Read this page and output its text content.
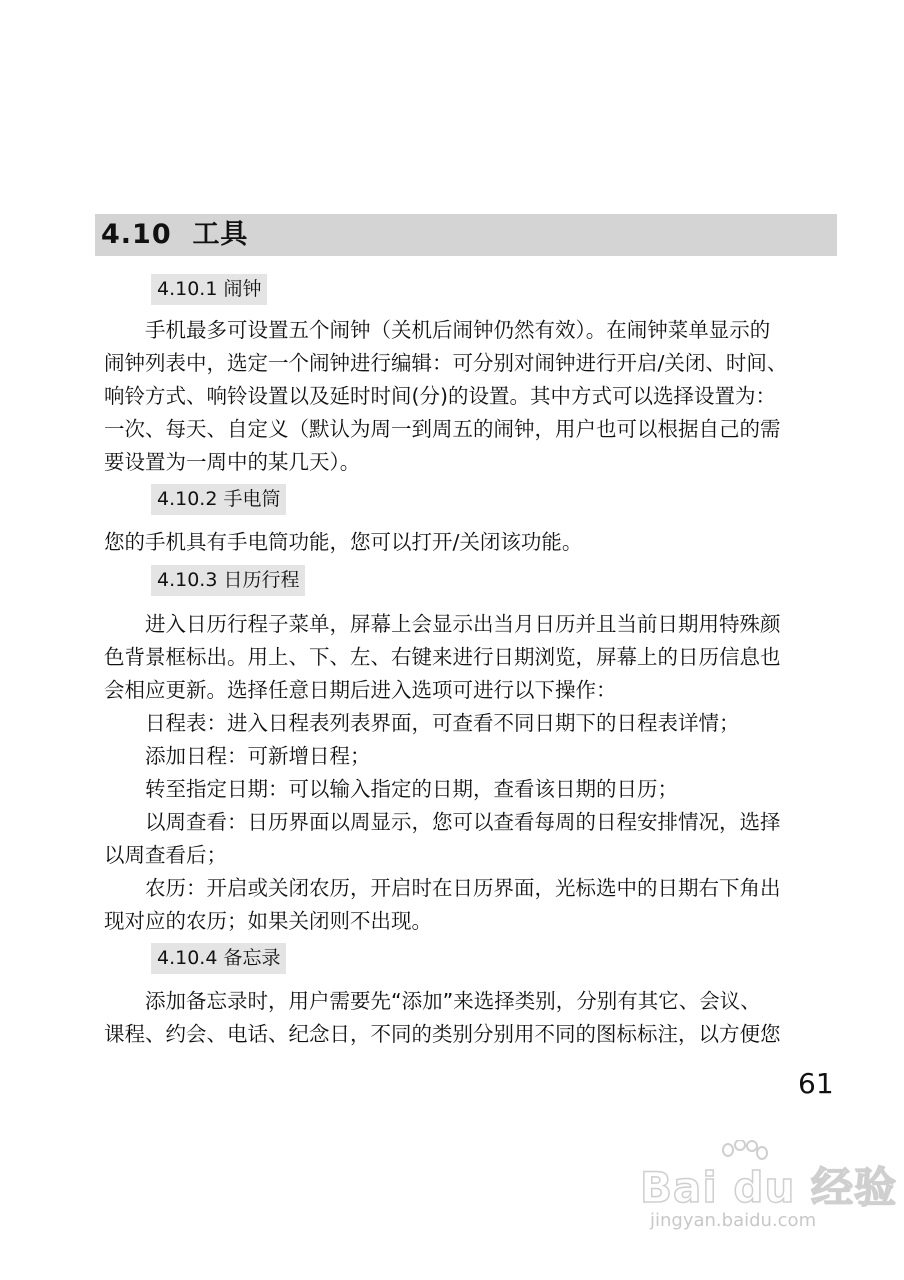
4.10 工具
4.10.1 闹钟
手机最多可设置五个闹钟（关机后闹钟仍然有效）。在闹钟菜单显示的
闹钟列表中，选定一个闹钟进行编辑：可分别对闹钟进行开启/关闭、时间、
响铃方式、响铃设置以及延时时间(分)的设置。其中方式可以选择设置为：
一次、每天、自定义（默认为周一到周五的闹钟，用户也可以根据自己的需
要设置为一周中的某几天）。
4.10.2 手电筒
您的手机具有手电筒功能，您可以打开/关闭该功能。
4.10.3 日历行程
进入日历行程子菜单，屏幕上会显示出当月日历并且当前日期用特殊颜
色背景框标出。用上、下、左、右键来进行日期浏览，屏幕上的日历信息也
会相应更新。选择任意日期后进入选项可进行以下操作：
日程表：进入日程表列表界面，可查看不同日期下的日程表详情；
添加日程：可新增日程；
转至指定日期：可以输入指定的日期，查看该日期的日历；
以周查看：日历界面以周显示，您可以查看每周的日程安排情况，选择
以周查看后；
农历：开启或关闭农历，开启时在日历界面，光标选中的日期右下角出
现对应的农历；如果关闭则不出现。
4.10.4 备忘录
添加备忘录时，用户需要先“添加”来选择类别，分别有其它、会议、
课程、约会、电话、纪念日，不同的类别分别用不同的图标标注，以方便您
61
Bai du 经验
jingyan.baidu.com
